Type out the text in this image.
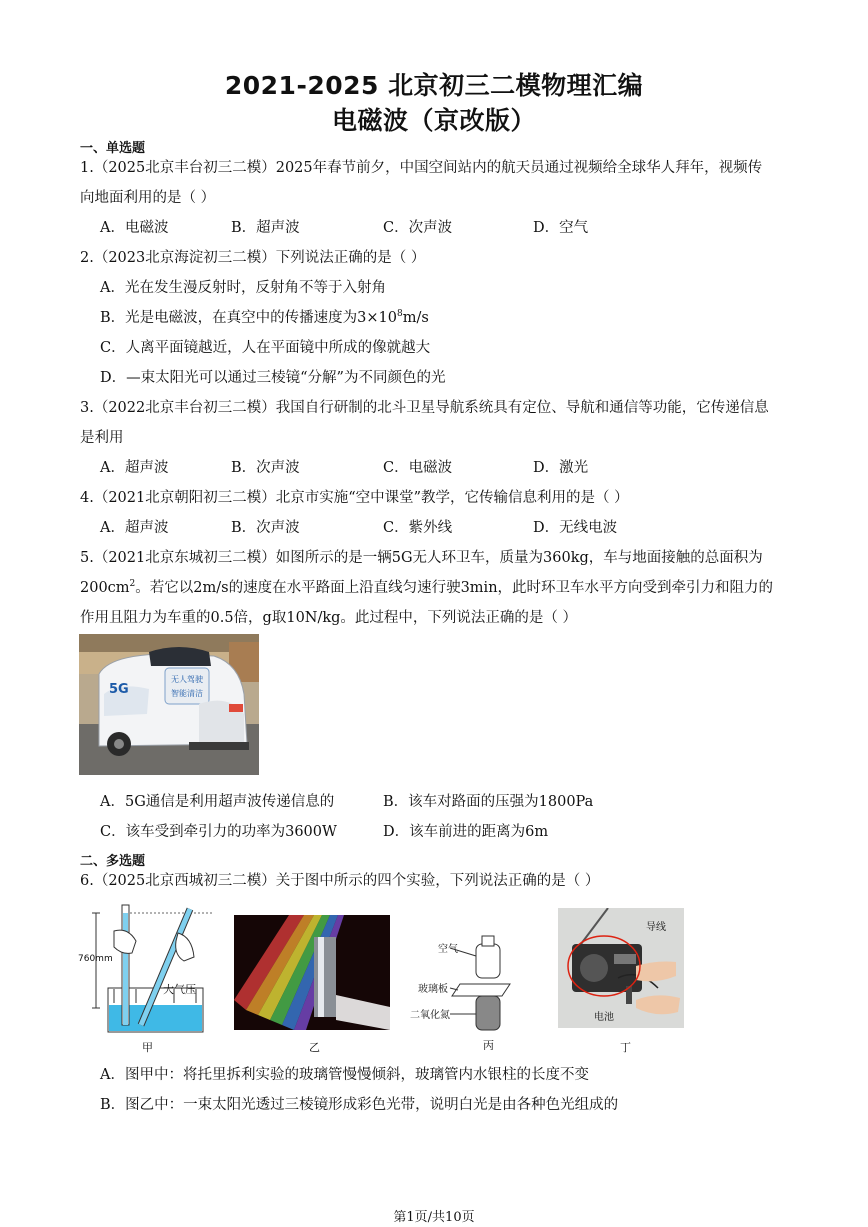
2021-2025 北京初三二模物理汇编
电磁波（京改版）
一、单选题
1.（2025北京丰台初三二模）2025年春节前夕，中国空间站内的航天员通过视频给全球华人拜年，视频传
向地面利用的是（ ）
A．电磁波	B．超声波	C．次声波	D．空气
2.（2023北京海淀初三二模）下列说法正确的是（ ）
A．光在发生漫反射时，反射角不等于入射角
B．光是电磁波，在真空中的传播速度为$3\times 10^8m/s$
C．人离平面镜越近，人在平面镜中所成的像就越大
D．—束太阳光可以通过三棱镜“分解”为不同颜色的光
3.（2022北京丰台初三二模）我国自行研制的北斗卫星导航系统具有定位、导航和通信等功能，它传递信息
是利用
A．超声波	B．次声波	C．电磁波	D．激光
4.（2021北京朝阳初三二模）北京市实施“空中课堂”教学，它传输信息利用的是（ ）
A．超声波	B．次声波	C．紫外线	D．无线电波
5.（2021北京东城初三二模）如图所示的是一辆5G无人环卫车，质量为360kg，车与地面接触的总面积为
$200cm^2$。若它以2m/s的速度在水平路面上沿直线匀速行驶3min，此时环卫车水平方向受到牵引力和阻力的
作用且阻力为车重的0.5倍，g取10N/kg。此过程中，下列说法正确的是（ ）
5G
无人驾驶
智能清洁
A．5G通信是利用超声波传递信息的	B．该车对路面的压强为1800Pa
C．该车受到牵引力的功率为3600W	D．该车前进的距离为6m
二、多选题
6.（2025北京西城初三二模）关于图中所示的四个实验，下列说法正确的是（ ）
760mm
大气压
甲	乙
空气
玻璃板
二氧化氮
丙
导线
电池
丁
A．图甲中：将托里拆利实验的玻璃管慢慢倾斜，玻璃管内水银柱的长度不变
B．图乙中：一束太阳光透过三棱镜形成彩色光带，说明白光是由各种色光组成的
第1页/共10页
